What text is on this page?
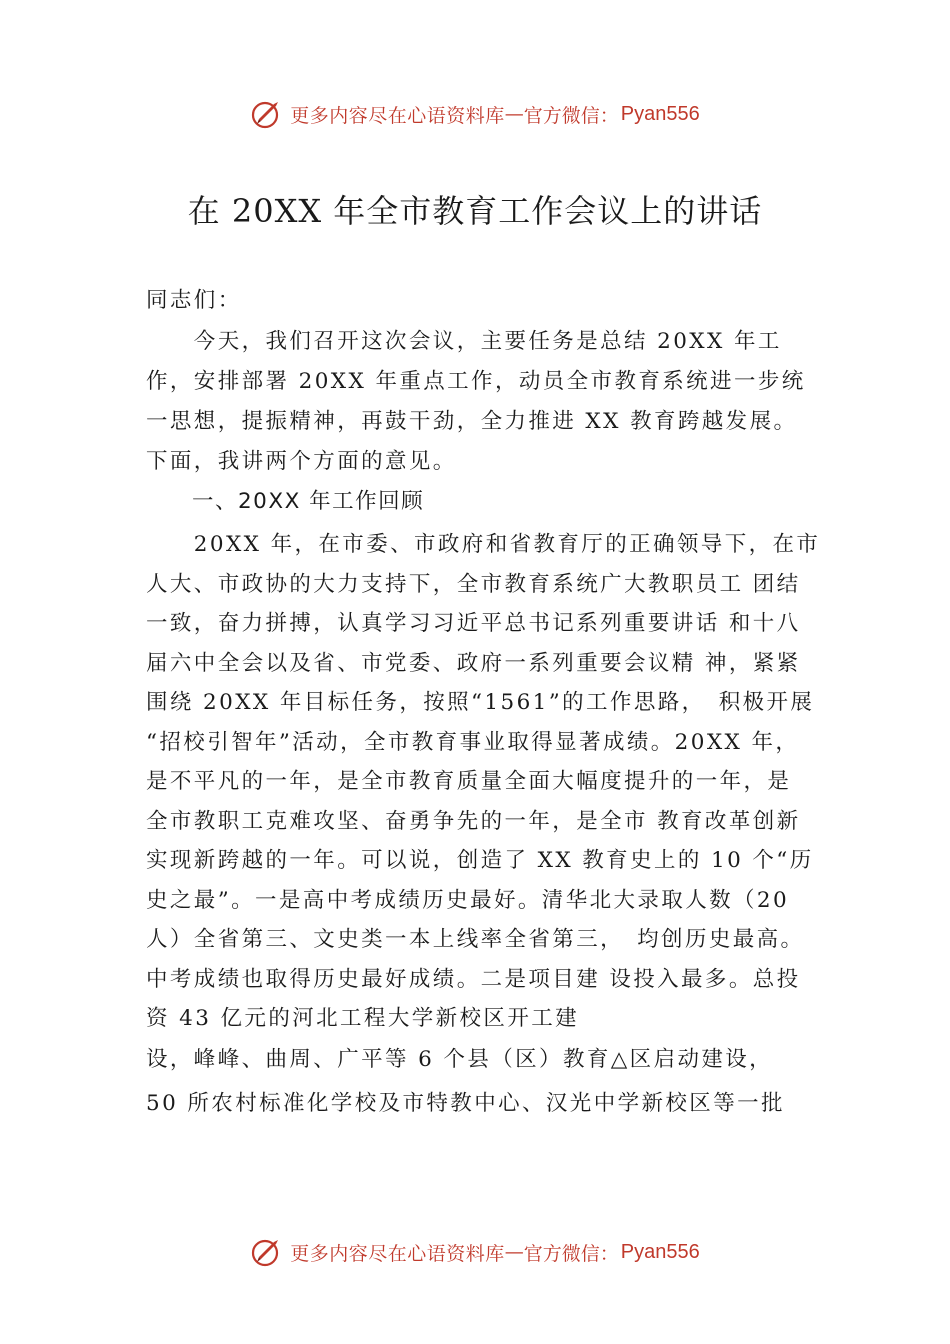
更多内容尽在心语资料库 — 官方微信： Pyan556
在 20XX 年全市教育工作会议上的讲话
同志们：
　　今天，我们召开这次会议，主要任务是总结 20XX 年工
作，安排部署 20XX 年重点工作，动员全市教育系统进一步统
一思想，提振精神，再鼓干劲，全力推进 XX 教育跨越发展。
下面，我讲两个方面的意见。
　　一、20XX 年工作回顾
　　20XX 年，在市委、市政府和省教育厅的正确领导下，在市
人大、市政协的大力支持下，全市教育系统广大教职员工 团结
一致，奋力拼搏，认真学习习近平总书记系列重要讲话 和十八
届六中全会以及省、市党委、政府一系列重要会议精 神，紧紧
围绕 20XX 年目标任务，按照“1561”的工作思路，　积极开展
“招校引智年”活动，全市教育事业取得显著成绩。20XX 年，
是不平凡的一年，是全市教育质量全面大幅度提升的一年，是
全市教职工克难攻坚、奋勇争先的一年，是全市 教育改革创新
实现新跨越的一年。可以说，创造了 XX 教育史上的 10 个“历
史之最”。一是高中考成绩历史最好。清华北大录取人数（20
人）全省第三、文史类一本上线率全省第三，　均创历史最高。
中考成绩也取得历史最好成绩。二是项目建 设投入最多。总投
资 43 亿元的河北工程大学新校区开工建
设，峰峰、曲周、广平等 6 个县（区）教育△区启动建设，
50 所农村标准化学校及市特教中心、汉光中学新校区等一批
更多内容尽在心语资料库 — 官方微信： Pyan556
